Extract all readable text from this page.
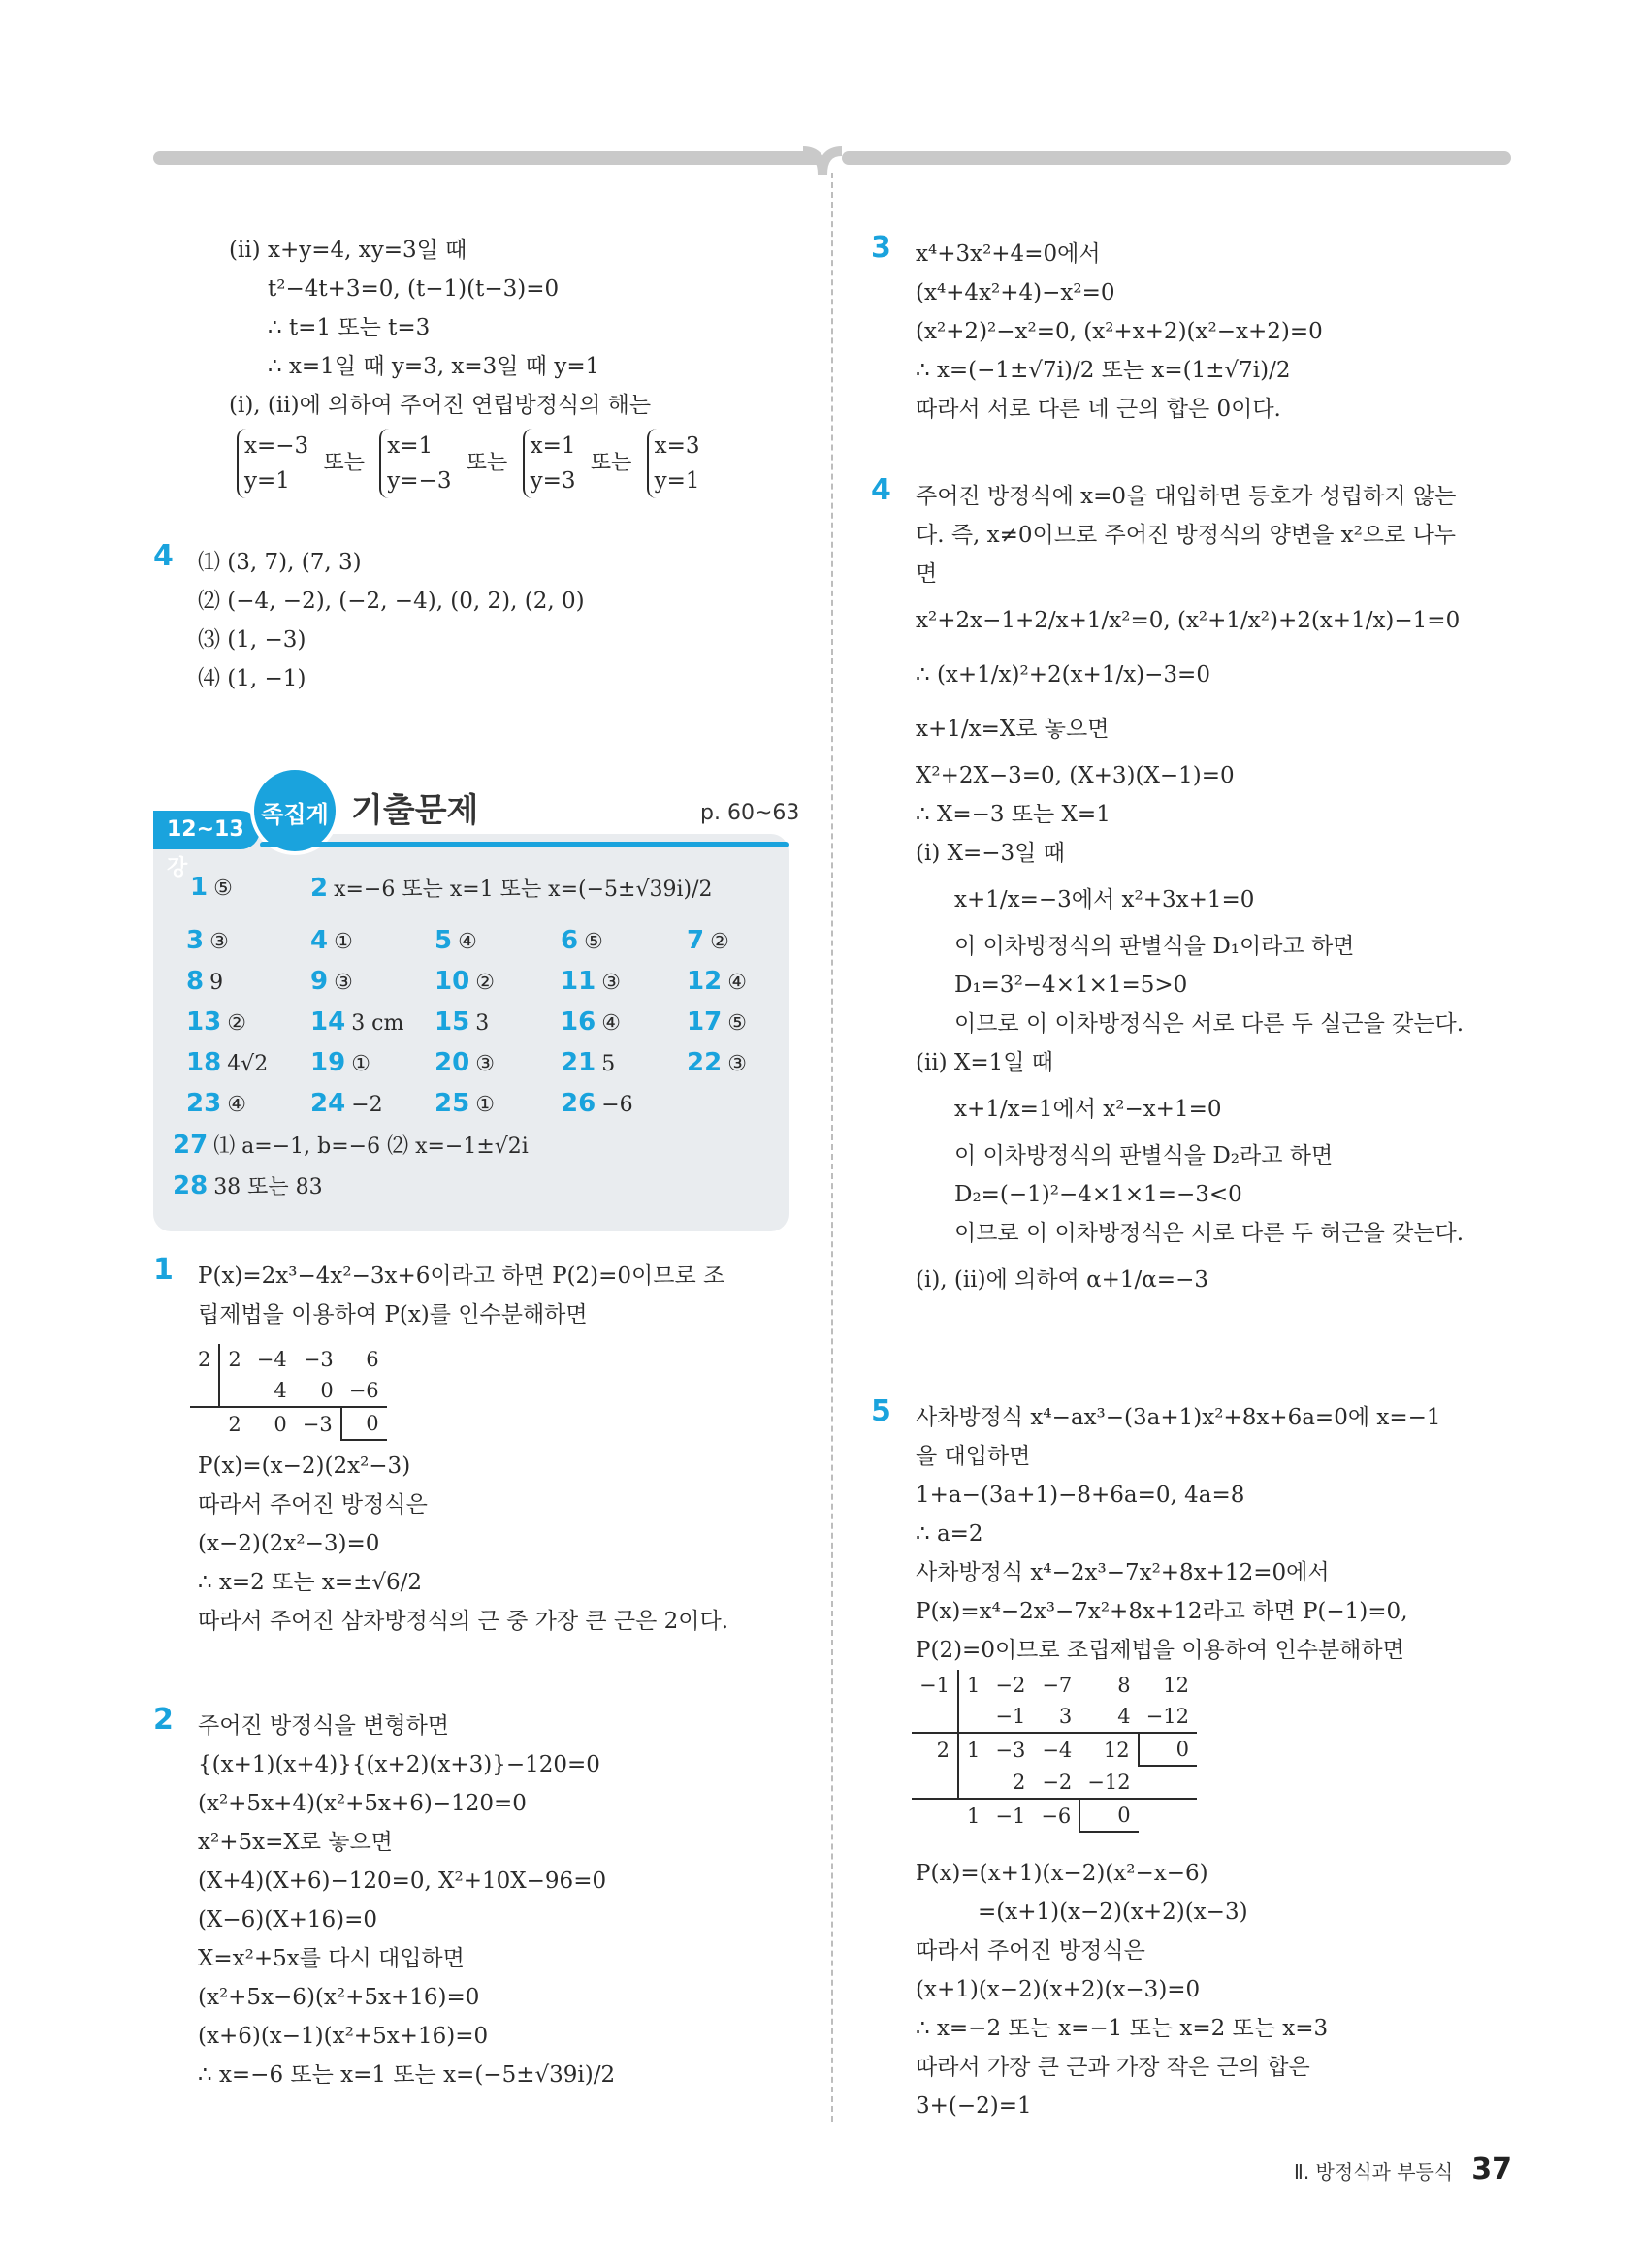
(ⅱ) x+y=4, xy=3일 때
t²−4t+3=0, (t−1)(t−3)=0
∴ t=1 또는 t=3
∴ x=1일 때 y=3, x=3일 때 y=1
(ⅰ), (ⅱ)에 의하여 주어진 연립방정식의 해는
x=−3
y=1
또는
x=1
y=−3
또는
x=1
y=3
또는
x=3
y=1
4 ⑴ (3, 7), (7, 3)
⑵ (−4, −2), (−2, −4), (0, 2), (2, 0)
⑶ (1, −3)
⑷ (1, −1)
12~13강
족집게 기출문제	p. 60~63
1 ⑤	2 x=−6 또는 x=1 또는 x=(−5±√39i)/2
3 ③	4 ①	5 ④	6 ⑤	7 ②
8 9	9 ③	10 ②	11 ③	12 ④
13 ②	14 3 cm 15 3	16 ④	17 ⑤
18 4√2 19 ①	20 ③	21 5	22 ③
23 ④	24 −2 25 ①	26 −6
27 ⑴ a=−1, b=−6 ⑵ x=−1±√2i
28 38 또는 83
1 P(x)=2x³−4x²−3x+6이라고 하면 P(2)=0이므로 조
립제법을 이용하여 P(x)를 인수분해하면
2	2	−4	−3	6
		4	0	−6
	2	0	−3	0
P(x)=(x−2)(2x²−3)
따라서 주어진 방정식은
(x−2)(2x²−3)=0
∴ x=2 또는 x=±√6/2
따라서 주어진 삼차방정식의 근 중 가장 큰 근은 2이다.
2 주어진 방정식을 변형하면
{(x+1)(x+4)}{(x+2)(x+3)}−120=0
(x²+5x+4)(x²+5x+6)−120=0
x²+5x=X로 놓으면
(X+4)(X+6)−120=0, X²+10X−96=0
(X−6)(X+16)=0
X=x²+5x를 다시 대입하면
(x²+5x−6)(x²+5x+16)=0
(x+6)(x−1)(x²+5x+16)=0
∴ x=−6 또는 x=1 또는 x=(−5±√39i)/2
3 x⁴+3x²+4=0에서
(x⁴+4x²+4)−x²=0
(x²+2)²−x²=0, (x²+x+2)(x²−x+2)=0
∴ x=(−1±√7i)/2 또는 x=(1±√7i)/2
따라서 서로 다른 네 근의 합은 0이다.
4 주어진 방정식에 x=0을 대입하면 등호가 성립하지 않는
다. 즉, x≠0이므로 주어진 방정식의 양변을 x²으로 나누
면
x²+2x−1+2/x+1/x²=0, (x²+1/x²)+2(x+1/x)−1=0
∴ (x+1/x)²+2(x+1/x)−3=0
x+1/x=X로 놓으면
X²+2X−3=0, (X+3)(X−1)=0
∴ X=−3 또는 X=1
(ⅰ) X=−3일 때
x+1/x=−3에서 x²+3x+1=0
이 이차방정식의 판별식을 D₁이라고 하면
D₁=3²−4×1×1=5>0
이므로 이 이차방정식은 서로 다른 두 실근을 갖는다.
(ⅱ) X=1일 때
x+1/x=1에서 x²−x+1=0
이 이차방정식의 판별식을 D₂라고 하면
D₂=(−1)²−4×1×1=−3<0
이므로 이 이차방정식은 서로 다른 두 허근을 갖는다.
(ⅰ), (ⅱ)에 의하여 α+1/α=−3
5 사차방정식 x⁴−ax³−(3a+1)x²+8x+6a=0에 x=−1
을 대입하면
1+a−(3a+1)−8+6a=0, 4a=8
∴ a=2
사차방정식 x⁴−2x³−7x²+8x+12=0에서
P(x)=x⁴−2x³−7x²+8x+12라고 하면 P(−1)=0,
P(2)=0이므로 조립제법을 이용하여 인수분해하면
−1	1	−2	−7	8	12
		−1	3	4	−12
2	1	−3	−4	12	0
		2	−2	−12	
	1	−1	−6	0	
P(x)=(x+1)(x−2)(x²−x−6)
=(x+1)(x−2)(x+2)(x−3)
따라서 주어진 방정식은
(x+1)(x−2)(x+2)(x−3)=0
∴ x=−2 또는 x=−1 또는 x=2 또는 x=3
따라서 가장 큰 근과 가장 작은 근의 합은
3+(−2)=1
Ⅱ. 방정식과 부등식 37
